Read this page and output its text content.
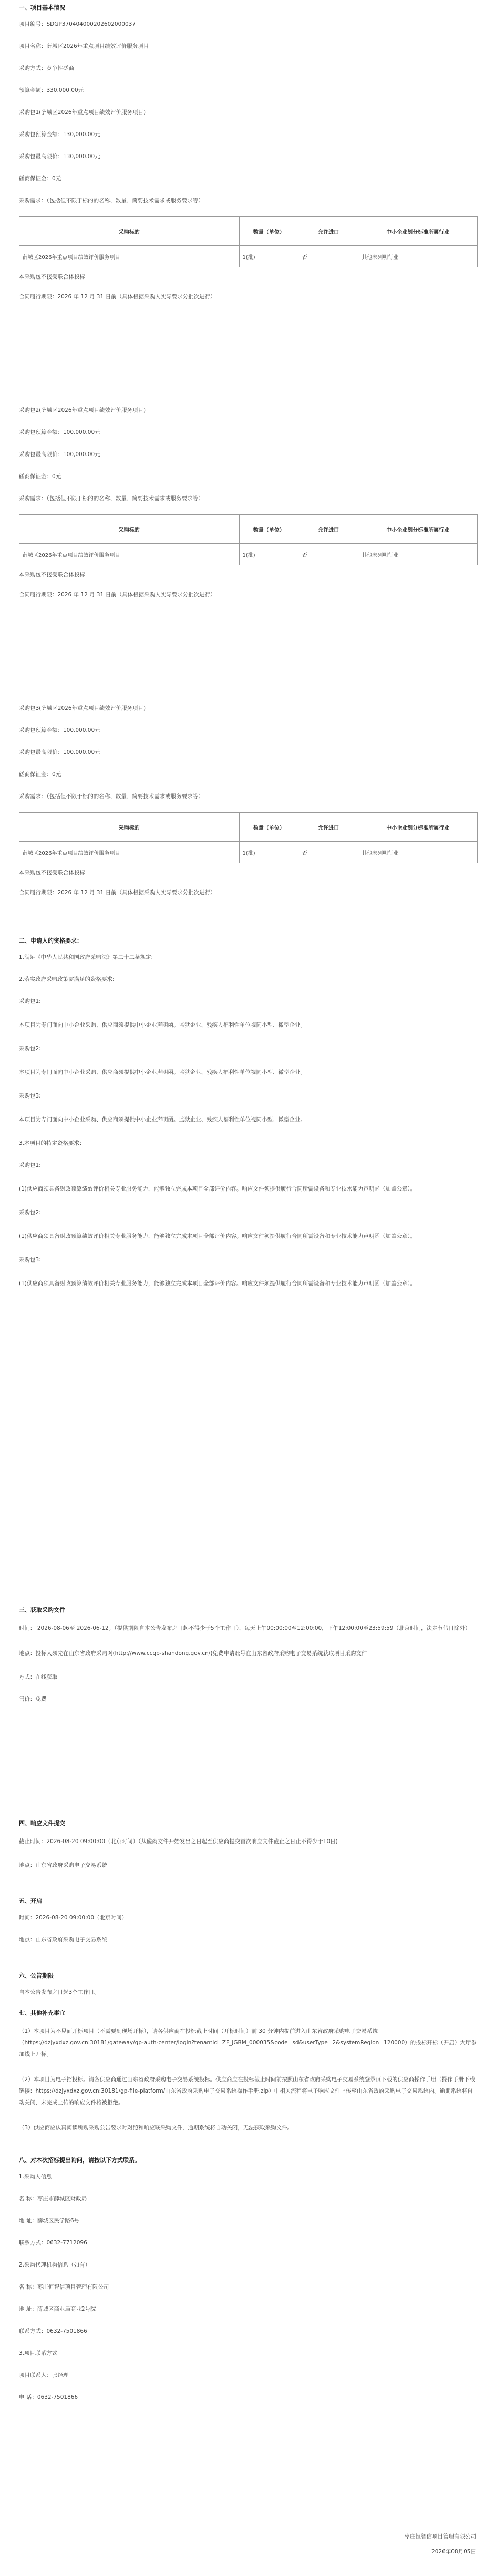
一、项目基本情况

项目编号：SDGP370404000202602000037

项目名称：薛城区2026年重点项目绩效评价服务项目

采购方式：竞争性磋商

预算金额：330,000.00元

采购包1(薛城区2026年重点项目绩效评价服务项目)

采购包预算金额：130,000.00元

采购包最高限价：130,000.00元

磋商保证金：0元

采购需求：（包括但不限于标的的名称、数量、简要技术需求或服务要求等）

采购标的	数量（单位）	允许进口	中小企业划分标准所属行业
薛城区2026年重点项目绩效评价服务项目	1(批)	否	其他未列明行业

本采购包不接受联合体投标

合同履行期限：2026 年 12 月 31 日前（具体根据采购人实际要求分批次进行）

采购包2(薛城区2026年重点项目绩效评价服务项目)

采购包预算金额：100,000.00元

采购包最高限价：100,000.00元

磋商保证金：0元

采购需求：（包括但不限于标的的名称、数量、简要技术需求或服务要求等）

采购标的	数量（单位）	允许进口	中小企业划分标准所属行业
薛城区2026年重点项目绩效评价服务项目	1(批)	否	其他未列明行业

本采购包不接受联合体投标

合同履行期限：2026 年 12 月 31 日前（具体根据采购人实际要求分批次进行）

采购包3(薛城区2026年重点项目绩效评价服务项目)

采购包预算金额：100,000.00元

采购包最高限价：100,000.00元

磋商保证金：0元

采购需求：（包括但不限于标的的名称、数量、简要技术需求或服务要求等）

采购标的	数量（单位）	允许进口	中小企业划分标准所属行业
薛城区2026年重点项目绩效评价服务项目	1(批)	否	其他未列明行业

本采购包不接受联合体投标

合同履行期限：2026 年 12 月 31 日前（具体根据采购人实际要求分批次进行）

二、申请人的资格要求：

1.满足《中华人民共和国政府采购法》第二十二条规定;

2.落实政府采购政策需满足的资格要求:

采购包1:

本项目为专门面向中小企业采购、供应商须提供中小企业声明函。监狱企业、残疾人福利性单位视同小型、微型企业。

采购包2:

本项目为专门面向中小企业采购、供应商须提供中小企业声明函。监狱企业、残疾人福利性单位视同小型、微型企业。

采购包3:

本项目为专门面向中小企业采购、供应商须提供中小企业声明函。监狱企业、残疾人福利性单位视同小型、微型企业。

3.本项目的特定资格要求：

采购包1:

(1)供应商须具备财政预算绩效评价相关专业服务能力，能够独立完成本项目全部评价内容。响应文件须提供履行合同所需设备和专业技术能力声明函（加盖公章）。

采购包2:

(1)供应商须具备财政预算绩效评价相关专业服务能力，能够独立完成本项目全部评价内容。响应文件须提供履行合同所需设备和专业技术能力声明函（加盖公章）。

采购包3:

(1)供应商须具备财政预算绩效评价相关专业服务能力，能够独立完成本项目全部评价内容。响应文件须提供履行合同所需设备和专业技术能力声明函（加盖公章）。

三、获取采购文件

时间： 2026-08-06至 2026-06-12。（提供期限自本公告发布之日起不得少于5个工作日），每天上午00:00:00至12:00:00，下午12:00:00至23:59:59（北京时间，法定节假日除外）

地点：投标人须先在山东省政府采购网(http://www.ccgp-shandong.gov.cn/)免费申请账号在山东省政府采购电子交易系统获取项目采购文件

方式：在线获取

售价：免费

四、响应文件提交

截止时间：2026-08-20 09:00:00（北京时间）（从磋商文件开始发出之日起至供应商提交首次响应文件截止之日止不得少于10日)

地点：山东省政府采购电子交易系统

五、开启

时间：2026-08-20 09:00:00（北京时间）

地点：山东省政府采购电子交易系统

六、公告期限

自本公告发布之日起3个工作日。

七、其他补充事宜

（1）本项目为不见面开标项目（不需要到现场开标），请各供应商在投标截止时间（开标时间）前 30 分钟内提前进入山东省政府采购电子交易系统（https://dzjyxdxz.gov.cn:30181/gateway/gp-auth-center/login?tenantId=ZF_JGBM_000035&code=sd&userType=2&systemRegion=120000）的投标开标（开启）大厅参加线上开标。

（2）本项目为电子招投标。请各供应商通过山东省政府采购电子交易系统投标。供应商应在投标截止时间前按照山东省政府采购电子交易系统登录页下载的供应商操作手册（操作手册下载链接：https://dzjyxdxz.gov.cn:30181/gp-file-platform/山东省政府采购电子交易系统操作手册.zip）中相关流程将电子响应文件上传至山东省政府采购电子交易系统内。逾期系统将自动关闭，未完成上传的响应文件将被拒绝。

（3）供应商应认真阅读所购采购公告要求时对照和响应联采购文件，逾期系统将自动关闭，无法获取采购文件。

八、对本次招标提出询问，请按以下方式联系。

1.采购人信息

名 称：枣庄市薛城区财政局

地 址：薛城区民学路6号

联系方式：0632-7712096

2.采购代理机构信息（如有）

名 称：枣庄恒智信项目管理有限公司

地 址：薛城区商业局商业2号院

联系方式：0632-7501866

3.项目联系方式

项目联系人：张经理

电 话：0632-7501866

枣庄恒智信项目管理有限公司

2026年08月05日
